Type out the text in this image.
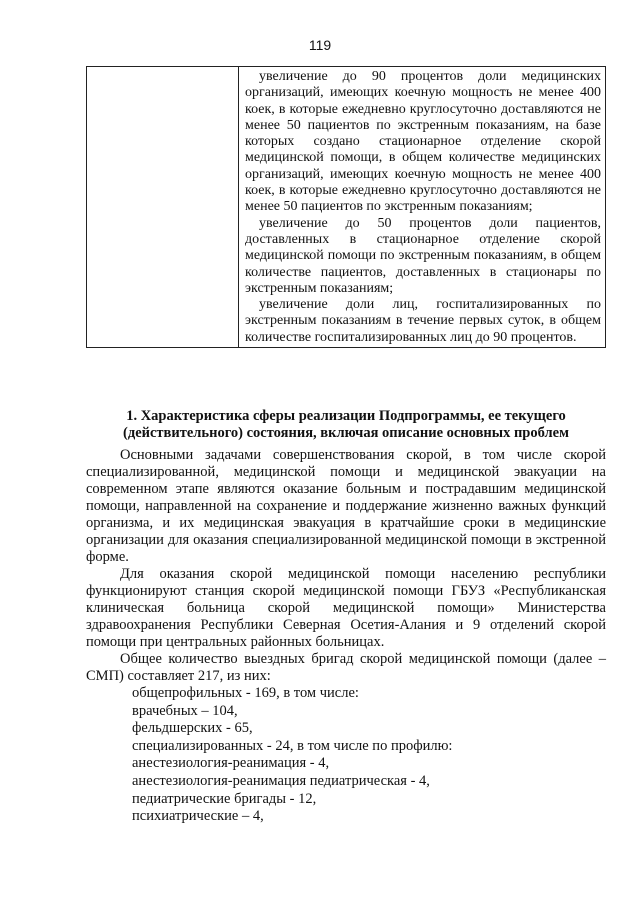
119

увеличение до 90 процентов доли медицинских организаций, имеющих коечную мощность не менее 400 коек, в которые ежедневно круглосуточно доставляются не менее 50 пациентов по экстренным показаниям, на базе которых создано стационарное отделение скорой медицинской помощи, в общем количестве медицинских организаций, имеющих коечную мощность не менее 400 коек, в которые ежедневно круглосуточно доставляются не менее 50 пациентов по экстренным показаниям;

увеличение до 50 процентов доли пациентов, доставленных в стационарное отделение скорой медицинской помощи по экстренным показаниям, в общем количестве пациентов, доставленных в стационары по экстренным показаниям;

увеличение доли лиц, госпитализированных по экстренным показаниям в течение первых суток, в общем количестве госпитализированных лиц до 90 процентов.

1. Характеристика сферы реализации Подпрограммы, ее текущего (действительного) состояния, включая описание основных проблем

Основными задачами совершенствования скорой, в том числе скорой специализированной, медицинской помощи и медицинской эвакуации на современном этапе являются оказание больным и пострадавшим медицинской помощи, направленной на сохранение и поддержание жизненно важных функций организма, и их медицинская эвакуация в кратчайшие сроки в медицинские организации для оказания специализированной медицинской помощи в экстренной форме.

Для оказания скорой медицинской помощи населению республики функционируют станция скорой медицинской помощи ГБУЗ «Республиканская клиническая больница скорой медицинской помощи» Министерства здравоохранения Республики Северная Осетия-Алания и 9 отделений скорой помощи при центральных районных больницах.

Общее количество выездных бригад скорой медицинской помощи (далее – СМП) составляет 217, из них:

общепрофильных - 169, в том числе:
врачебных – 104,
фельдшерских - 65,
специализированных - 24, в том числе по профилю:
анестезиология-реанимация - 4,
анестезиология-реанимация педиатрическая - 4,
педиатрические бригады - 12,
психиатрические – 4,
